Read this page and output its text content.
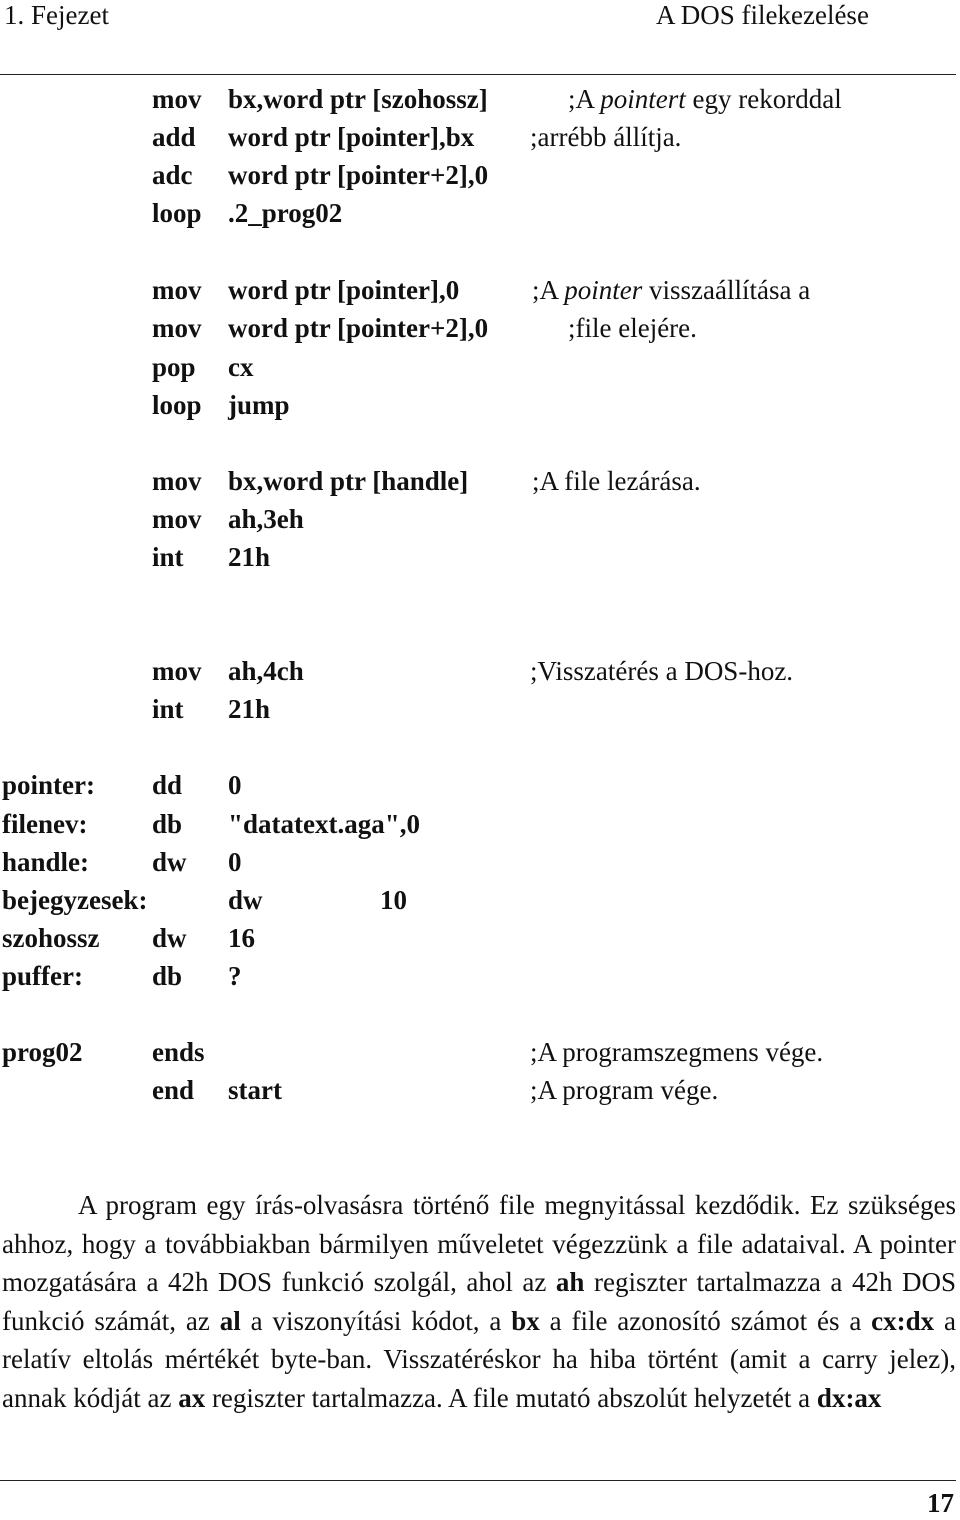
1. Fejezet	A DOS filekezelése
mov bx,word ptr [szohossz]	;A pointert egy rekorddal
add word ptr [pointer],bx ;arrébb állítja.
adc word ptr [pointer+2],0
loop .2_prog02
mov word ptr [pointer],0	;A pointer visszaállítása a
mov word ptr [pointer+2],0	;file elejére.
pop cx
loop jump
mov bx,word ptr [handle] ;A file lezárása.
mov ah,3eh
int 21h
mov ah,4ch	;Visszatérés a DOS-hoz.
int 21h
pointer: dd 0
filenev: db "datatext.aga",0
handle: dw 0
bejegyzesek:	dw	10
szohossz dw 16
puffer:	db ?
prog02	ends	;A programszegmens vége.
end start	;A program vége.
A program egy írás-olvasásra történő file megnyitással kezdődik. Ez szükséges ahhoz, hogy a továbbiakban bármilyen műveletet végezzünk a file adataival. A pointer mozgatására a 42h DOS funkció szolgál, ahol az ah regiszter tartalmazza a 42h DOS funkció számát, az al a viszonyítási kódot, a bx a file azonosító számot és a cx:dx a relatív eltolás mértékét byte-ban. Visszatéréskor ha hiba történt (amit a carry jelez), annak kódját az ax regiszter tartalmazza. A file mutató abszolút helyzetét a dx:ax
17
